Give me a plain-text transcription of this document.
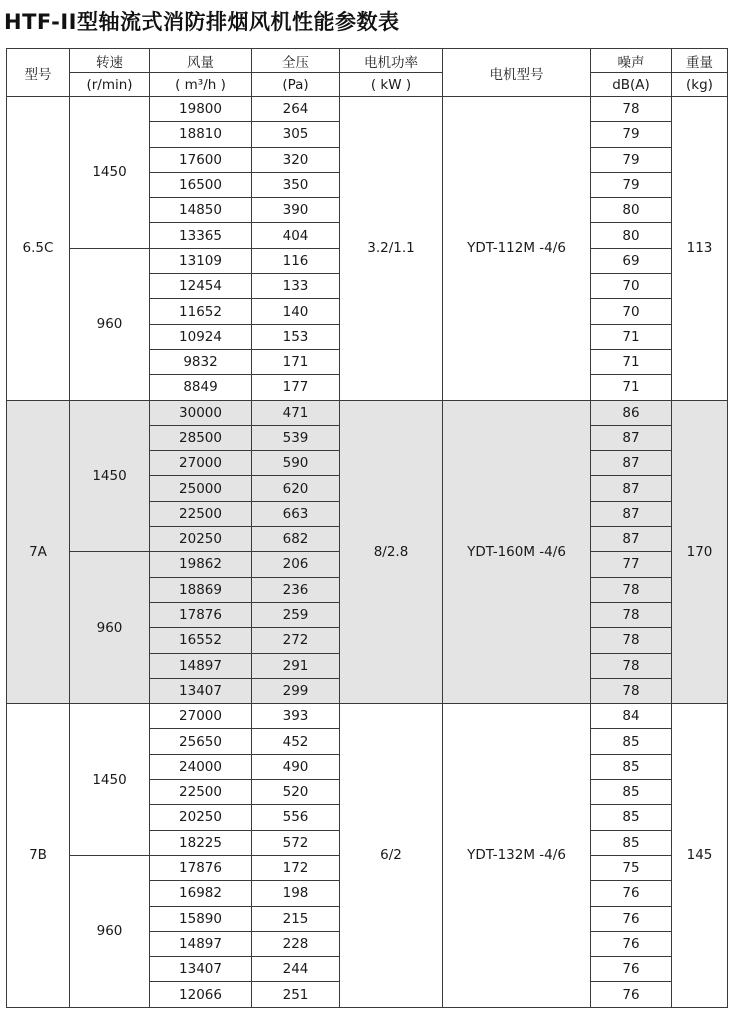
HTF-II型轴流式消防排烟风机性能参数表
型号	转速	风量	全压	电机功率	电机型号	噪声	重量
	(r/min)	( m³/h )	(Pa)	( kW )		dB(A)	(kg)
6.5C	1450	19800	264	3.2/1.1	YDT-112M -4/6	78	113
		18810	305			79	
		17600	320			79	
		16500	350			79	
		14850	390			80	
		13365	404			80	
	960	13109	116			69	
		12454	133			70	
		11652	140			70	
		10924	153			71	
		9832	171			71	
		8849	177			71	
7A	1450	30000	471	8/2.8	YDT-160M -4/6	86	170
		28500	539			87	
		27000	590			87	
		25000	620			87	
		22500	663			87	
		20250	682			87	
	960	19862	206			77	
		18869	236			78	
		17876	259			78	
		16552	272			78	
		14897	291			78	
		13407	299			78	
7B	1450	27000	393	6/2	YDT-132M -4/6	84	145
		25650	452			85	
		24000	490			85	
		22500	520			85	
		20250	556			85	
		18225	572			85	
	960	17876	172			75	
		16982	198			76	
		15890	215			76	
		14897	228			76	
		13407	244			76	
		12066	251			76	
